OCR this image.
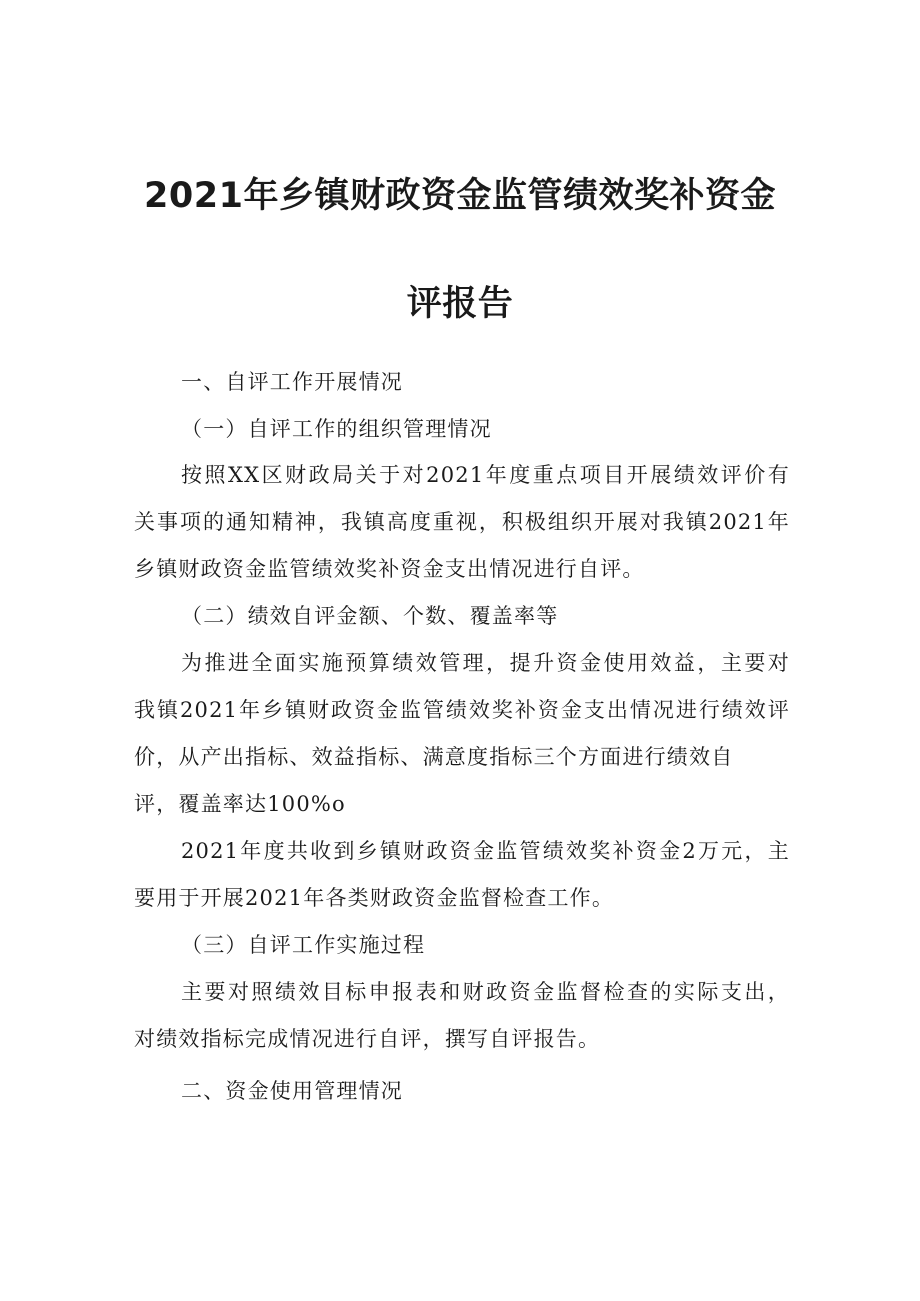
2021年乡镇财政资金监管绩效奖补资金
评报告
一、自评工作开展情况
（一）自评工作的组织管理情况
按照XX区财政局关于对2021年度重点项目开展绩效评价有
关事项的通知精神，我镇高度重视，积极组织开展对我镇2021年
乡镇财政资金监管绩效奖补资金支出情况进行自评。
（二）绩效自评金额、个数、覆盖率等
为推进全面实施预算绩效管理，提升资金使用效益，主要对
我镇2021年乡镇财政资金监管绩效奖补资金支出情况进行绩效评
价，从产出指标、效益指标、满意度指标三个方面进行绩效自
评，覆盖率达100%o
2021年度共收到乡镇财政资金监管绩效奖补资金2万元，主
要用于开展2021年各类财政资金监督检查工作。
（三）自评工作实施过程
主要对照绩效目标申报表和财政资金监督检查的实际支出，
对绩效指标完成情况进行自评，撰写自评报告。
二、资金使用管理情况
